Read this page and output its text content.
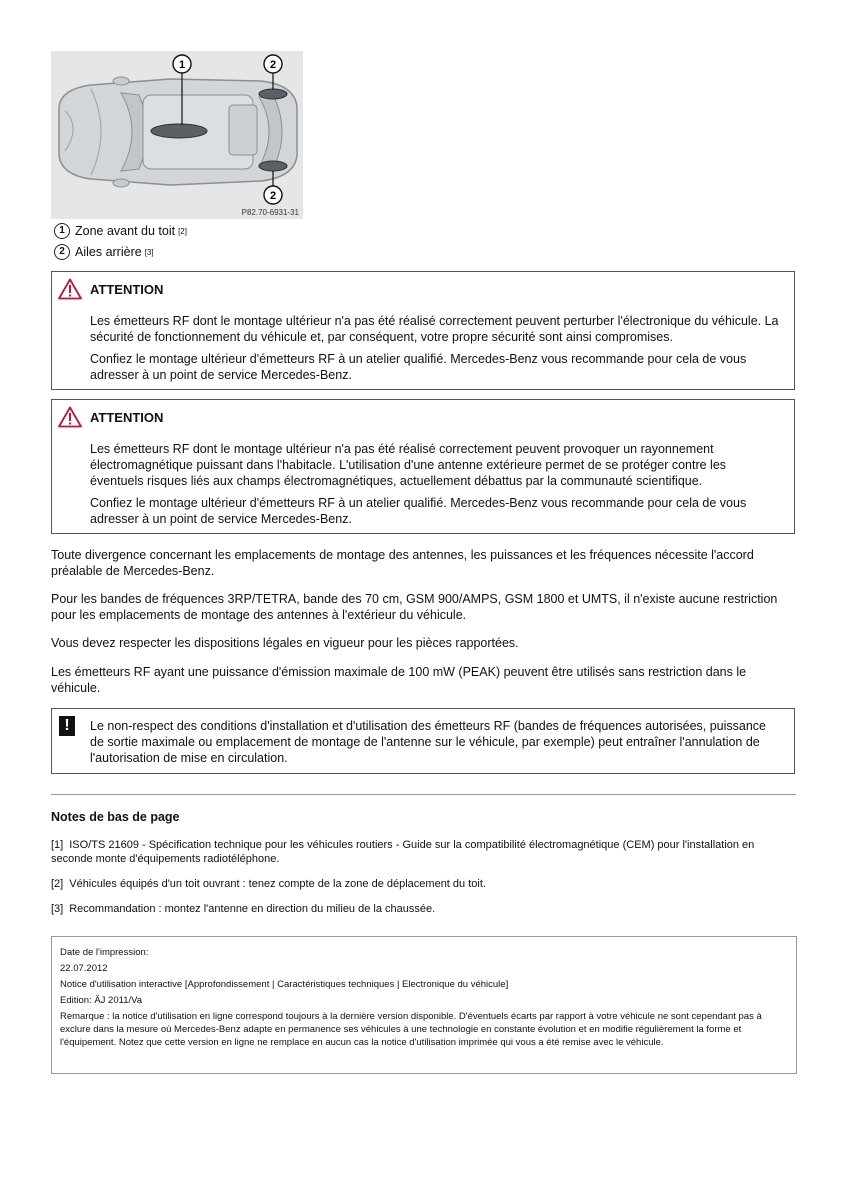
1	2
2
P82.70-6931-31
1 Zone avant du toit [2]
2 Ailes arrière [3]
ATTENTION

Les émetteurs RF dont le montage ultérieur n'a pas été réalisé correctement peuvent perturber l'électronique du véhicule. La sécurité de fonctionnement du véhicule et, par conséquent, votre propre sécurité sont ainsi compromises.

Confiez le montage ultérieur d'émetteurs RF à un atelier qualifié. Mercedes-Benz vous recommande pour cela de vous adresser à un point de service Mercedes-Benz.

ATTENTION

Les émetteurs RF dont le montage ultérieur n'a pas été réalisé correctement peuvent provoquer un rayonnement électromagnétique puissant dans l'habitacle. L'utilisation d'une antenne extérieure permet de se protéger contre les éventuels risques liés aux champs électromagnétiques, actuellement débattus par la communauté scientifique.

Confiez le montage ultérieur d'émetteurs RF à un atelier qualifié. Mercedes-Benz vous recommande pour cela de vous adresser à un point de service Mercedes-Benz.

Toute divergence concernant les emplacements de montage des antennes, les puissances et les fréquences nécessite l'accord préalable de Mercedes-Benz.

Pour les bandes de fréquences 3RP/TETRA, bande des 70 cm, GSM 900/AMPS, GSM 1800 et UMTS, il n'existe aucune restriction pour les emplacements de montage des antennes à l'extérieur du véhicule.

Vous devez respecter les dispositions légales en vigueur pour les pièces rapportées.

Les émetteurs RF ayant une puissance d'émission maximale de 100 mW (PEAK) peuvent être utilisés sans restriction dans le véhicule.

!	Le non-respect des conditions d'installation et d'utilisation des émetteurs RF (bandes de fréquences autorisées, puissance de sortie maximale ou emplacement de montage de l'antenne sur le véhicule, par exemple) peut entraîner l'annulation de l'autorisation de mise en circulation.
Notes de bas de page
[1] ISO/TS 21609 - Spécification technique pour les véhicules routiers - Guide sur la compatibilité électromagnétique (CEM) pour l'installation en seconde monte d'équipements radiotéléphone.
[2] Véhicules équipés d'un toit ouvrant : tenez compte de la zone de déplacement du toit.
[3] Recommandation : montez l'antenne en direction du milieu de la chaussée.
Date de l'impression:
22.07.2012
Notice d'utilisation interactive [Approfondissement | Caractéristiques techniques | Electronique du véhicule]
Edition: ÄJ 2011/Va
Remarque : la notice d'utilisation en ligne correspond toujours à la dernière version disponible. D'éventuels écarts par rapport à votre véhicule ne sont cependant pas à exclure dans la mesure où Mercedes-Benz adapte en permanence ses véhicules à une technologie en constante évolution et en modifie régulièrement la forme et l'équipement. Notez que cette version en ligne ne remplace en aucun cas la notice d'utilisation imprimée qui vous a été remise avec le véhicule.
